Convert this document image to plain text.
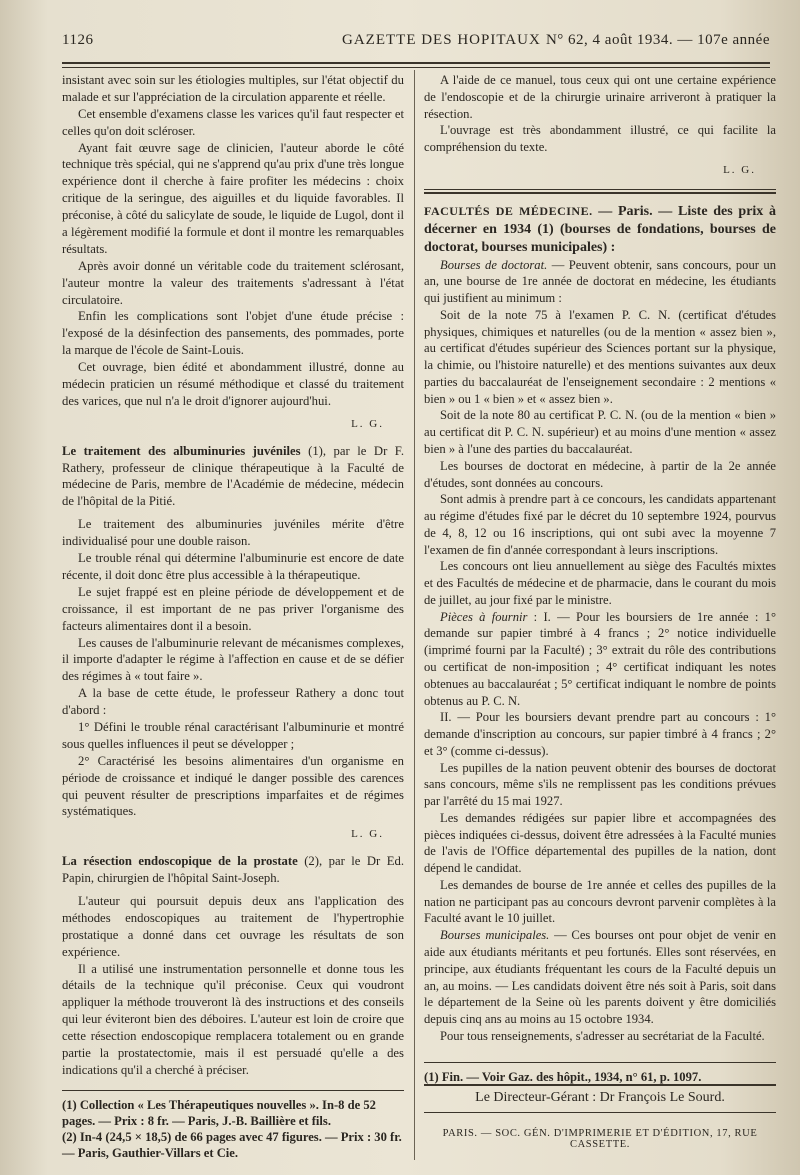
1126	GAZETTE DES HOPITAUX N° 62, 4 août 1934. — 107e année

insistant avec soin sur les étiologies multiples, sur l'état objectif du malade et sur l'appréciation de la circulation apparente et réelle.

Cet ensemble d'examens classe les varices qu'il faut respecter et celles qu'on doit scléroser.

Ayant fait œuvre sage de clinicien, l'auteur aborde le côté technique très spécial, qui ne s'apprend qu'au prix d'une très longue expérience dont il cherche à faire profiter les médecins : choix critique de la seringue, des aiguilles et du liquide favorables. Il préconise, à côté du salicylate de soude, le liquide de Lugol, dont il a légèrement modifié la formule et dont il montre les remarquables résultats.

Après avoir donné un véritable code du traitement sclérosant, l'auteur montre la valeur des traitements s'adressant à l'état circulatoire.

Enfin les complications sont l'objet d'une étude précise : l'exposé de la désinfection des pansements, des pommades, porte la marque de l'école de Saint-Louis.

Cet ouvrage, bien édité et abondamment illustré, donne au médecin praticien un résumé méthodique et classé du traitement des varices, que nul n'a le droit d'ignorer aujourd'hui.

L. G.

Le traitement des albuminuries juvéniles (1), par le Dr F. Rathery, professeur de clinique thérapeutique à la Faculté de médecine de Paris, membre de l'Académie de médecine, médecin de l'hôpital de la Pitié.

Le traitement des albuminuries juvéniles mérite d'être individualisé pour une double raison.

Le trouble rénal qui détermine l'albuminurie est encore de date récente, il doit donc être plus accessible à la thérapeutique.

Le sujet frappé est en pleine période de développement et de croissance, il est important de ne pas priver l'organisme des facteurs alimentaires dont il a besoin.

Les causes de l'albuminurie relevant de mécanismes complexes, il importe d'adapter le régime à l'affection en cause et de se défier des régimes à « tout faire ».

A la base de cette étude, le professeur Rathery a donc tout d'abord :

1° Défini le trouble rénal caractérisant l'albuminurie et montré sous quelles influences il peut se développer ;

2° Caractérisé les besoins alimentaires d'un organisme en période de croissance et indiqué le danger possible des carences qui peuvent résulter de prescriptions imparfaites et de régimes systématiques.

L. G.

La résection endoscopique de la prostate (2), par le Dr Ed. Papin, chirurgien de l'hôpital Saint-Joseph.

L'auteur qui poursuit depuis deux ans l'application des méthodes endoscopiques au traitement de l'hypertrophie prostatique a donné dans cet ouvrage les résultats de son expérience.

Il a utilisé une instrumentation personnelle et donne tous les détails de la technique qu'il préconise. Ceux qui voudront appliquer la méthode trouveront là des instructions et des conseils qui leur éviteront bien des déboires. L'auteur est loin de croire que cette résection endoscopique remplacera totalement ou en grande partie la prostatectomie, mais il est persuadé qu'elle a des indications qu'il a cherché à préciser.

(1) Collection « Les Thérapeutiques nouvelles ». In-8 de 52 pages. — Prix : 8 fr. — Paris, J.-B. Baillière et fils.

(2) In-4 (24,5 × 18,5) de 66 pages avec 47 figures. — Prix : 30 fr. — Paris, Gauthier-Villars et Cie.

A l'aide de ce manuel, tous ceux qui ont une certaine expérience de l'endoscopie et de la chirurgie urinaire arriveront à pratiquer la résection.

L'ouvrage est très abondamment illustré, ce qui facilite la compréhension du texte.

L. G.

FACULTÉS DE MÉDECINE. — Paris. — Liste des prix à décerner en 1934 (1) (bourses de fondations, bourses de doctorat, bourses municipales) :

Bourses de doctorat. — Peuvent obtenir, sans concours, pour un an, une bourse de 1re année de doctorat en médecine, les étudiants qui justifient au minimum :

Soit de la note 75 à l'examen P. C. N. (certificat d'études physiques, chimiques et naturelles (ou de la mention « assez bien », au certificat d'études supérieur des Sciences portant sur la physique, la chimie, ou l'histoire naturelle) et des mentions suivantes aux deux parties du baccalauréat de l'enseignement secondaire : 2 mentions « bien » ou 1 « bien » et « assez bien ».

Soit de la note 80 au certificat P. C. N. (ou de la mention « bien » au certificat dit P. C. N. supérieur) et au moins d'une mention « assez bien » à l'une des parties du baccalauréat.

Les bourses de doctorat en médecine, à partir de la 2e année d'études, sont données au concours.

Sont admis à prendre part à ce concours, les candidats appartenant au régime d'études fixé par le décret du 10 septembre 1924, pourvus de 4, 8, 12 ou 16 inscriptions, qui ont subi avec la moyenne 7 l'examen de fin d'année correspondant à leurs inscriptions.

Les concours ont lieu annuellement au siège des Facultés mixtes et des Facultés de médecine et de pharmacie, dans le courant du mois de juillet, au jour fixé par le ministre.

Pièces à fournir : I. — Pour les boursiers de 1re année : 1° demande sur papier timbré à 4 francs ; 2° notice individuelle (imprimé fourni par la Faculté) ; 3° extrait du rôle des contributions ou certificat de non-imposition ; 4° certificat indiquant les notes obtenues au baccalauréat ; 5° certificat indiquant le nombre de points obtenus au P. C. N.

II. — Pour les boursiers devant prendre part au concours : 1° demande d'inscription au concours, sur papier timbré à 4 francs ; 2° et 3° (comme ci-dessus).

Les pupilles de la nation peuvent obtenir des bourses de doctorat sans concours, même s'ils ne remplissent pas les conditions prévues par l'arrêté du 15 mai 1927.

Les demandes rédigées sur papier libre et accompagnées des pièces indiquées ci-dessus, doivent être adressées à la Faculté munies de l'avis de l'Office départemental des pupilles de la nation, dont dépend le candidat.

Les demandes de bourse de 1re année et celles des pupilles de la nation ne participant pas au concours devront parvenir complètes à la Faculté avant le 10 juillet.

Bourses municipales. — Ces bourses ont pour objet de venir en aide aux étudiants méritants et peu fortunés. Elles sont réservées, en principe, aux étudiants fréquentant les cours de la Faculté depuis un an, au moins. — Les candidats doivent être nés soit à Paris, soit dans le département de la Seine où les parents doivent y être domiciliés depuis cinq ans au moins au 15 octobre 1934.

Pour tous renseignements, s'adresser au secrétariat de la Faculté.

(1) Fin. — Voir Gaz. des hôpit., 1934, n° 61, p. 1097.

Le Directeur-Gérant : Dr François Le Sourd.
PARIS. — SOC. GÉN. D'IMPRIMERIE ET D'ÉDITION, 17, RUE CASSETTE.
